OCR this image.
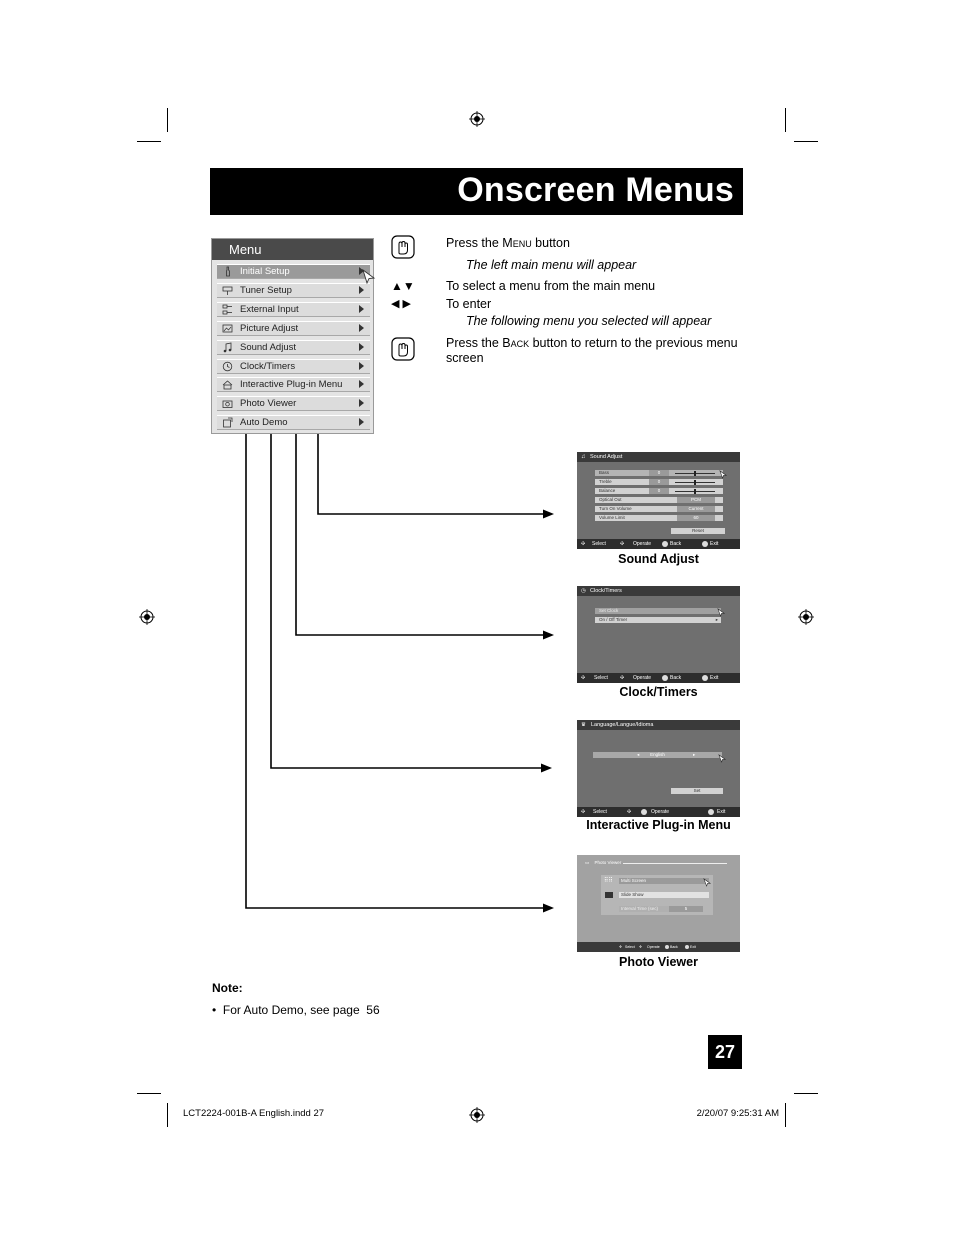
Onscreen Menus
Menu
Initial Setup
Tuner Setup
External Input
Picture Adjust
Sound Adjust
Clock/Timers
Interactive Plug-in Menu
Photo Viewer
Auto Demo
Press the Menu button
The left main menu will appear
▲▼ To select a menu from the main menu
◀ ▶	To enter
The following menu you selected will appear
Press the Back button to return to the previous menu
screen
♫ Sound Adjust
Bass	0
Treble	0
Balance	0
Optical Out	PCM
Turn On Volume	Current
Volume Limit	60
Reset
✣ Select	✣ Operate	Back	Exit
Sound Adjust
◷ Clock/Timers
Set Clock
On / Off Timer	▸
✣ Select ✣ Operate	Back	Exit
Clock/Timers
♛ Language/Langue/Idioma
◂ English	▸
Set
✣ Select	✣	Operate	Exit
Interactive Plug-in Menu
▭ Photo Viewer
⠿⠿	Multi Screen
Slide Show
Interval Time (sec)	5
✣ Select ✣ Operate	Back	Exit
Photo Viewer
Note:
• For Auto Demo, see page 56
27
LCT2224-001B-A English.indd 27	2/20/07 9:25:31 AM
